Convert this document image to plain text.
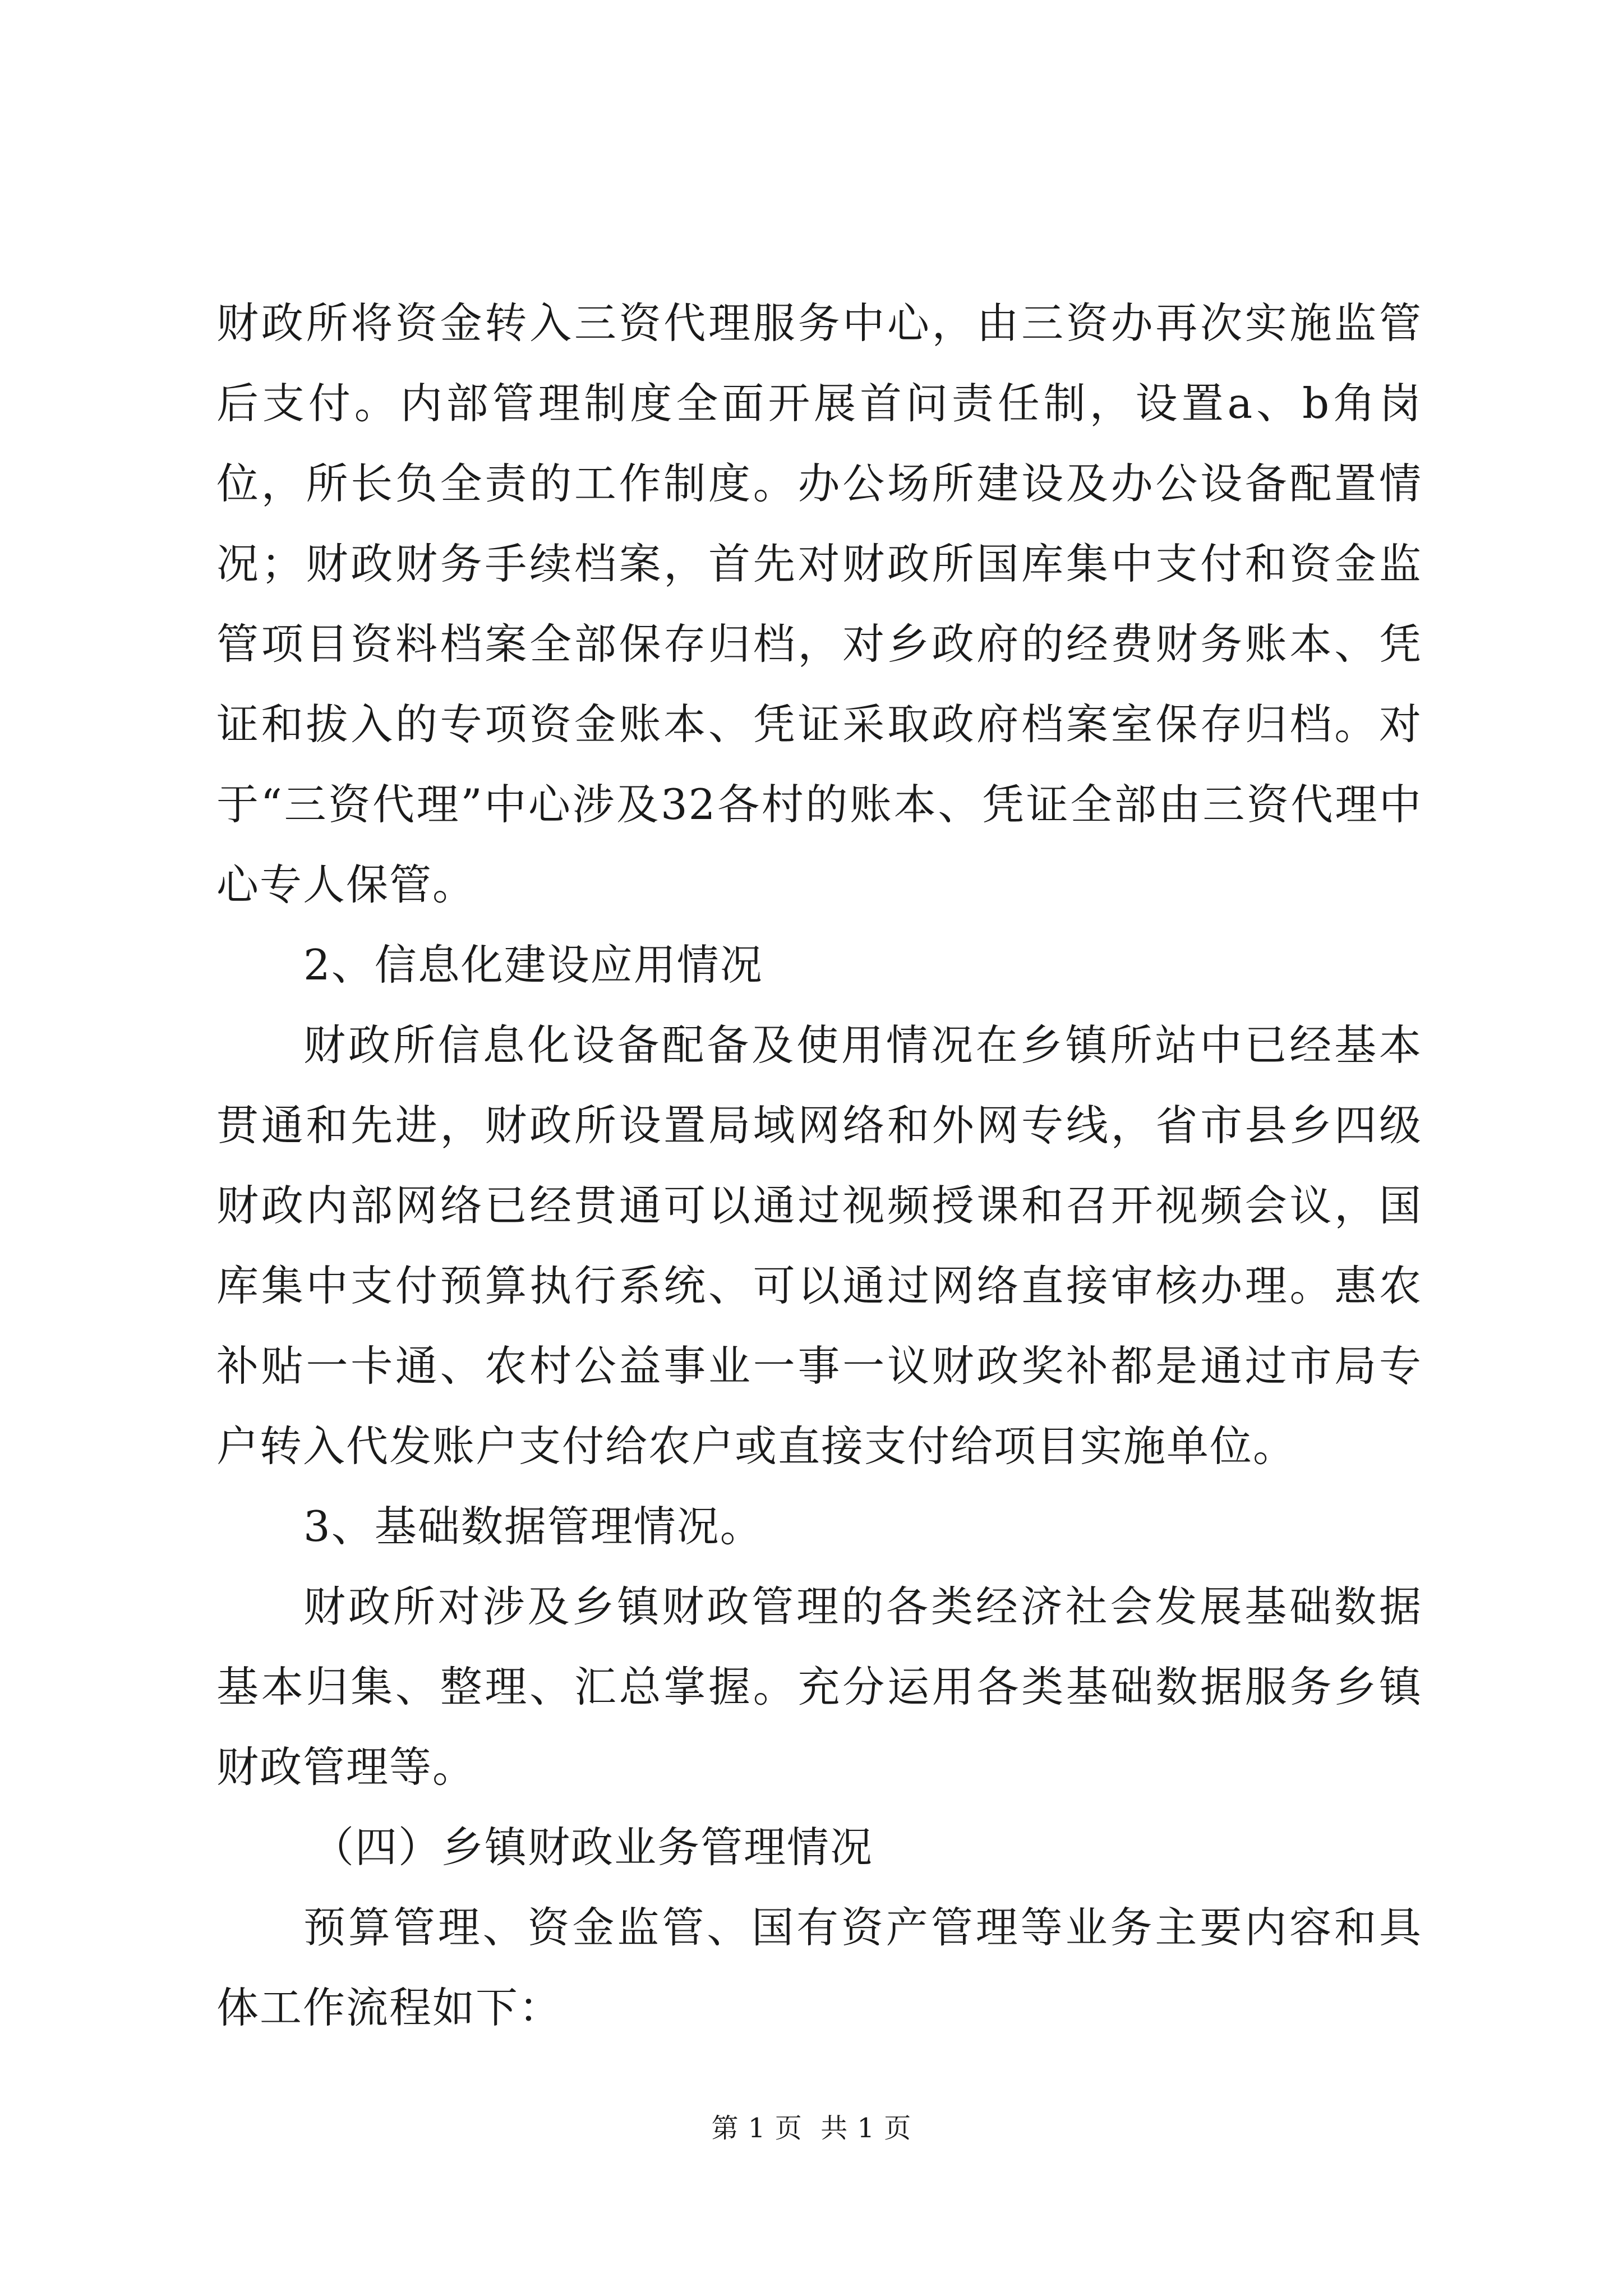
财政所将资金转入三资代理服务中心，由三资办再次实施监管后支付。内部管理制度全面开展首问责任制，设置a、b角岗位，所长负全责的工作制度。办公场所建设及办公设备配置情况；财政财务手续档案，首先对财政所国库集中支付和资金监管项目资料档案全部保存归档，对乡政府的经费财务账本、凭证和拔入的专项资金账本、凭证采取政府档案室保存归档。对于“三资代理”中心涉及32各村的账本、凭证全部由三资代理中心专人保管。

2、信息化建设应用情况

财政所信息化设备配备及使用情况在乡镇所站中已经基本贯通和先进，财政所设置局域网络和外网专线，省市县乡四级财政内部网络已经贯通可以通过视频授课和召开视频会议，国库集中支付预算执行系统、可以通过网络直接审核办理。惠农补贴一卡通、农村公益事业一事一议财政奖补都是通过市局专户转入代发账户支付给农户或直接支付给项目实施单位。

3、基础数据管理情况。

财政所对涉及乡镇财政管理的各类经济社会发展基础数据基本归集、整理、汇总掌握。充分运用各类基础数据服务乡镇财政管理等。

（四）乡镇财政业务管理情况

预算管理、资金监管、国有资产管理等业务主要内容和具体工作流程如下：

第 1 页  共 1 页
